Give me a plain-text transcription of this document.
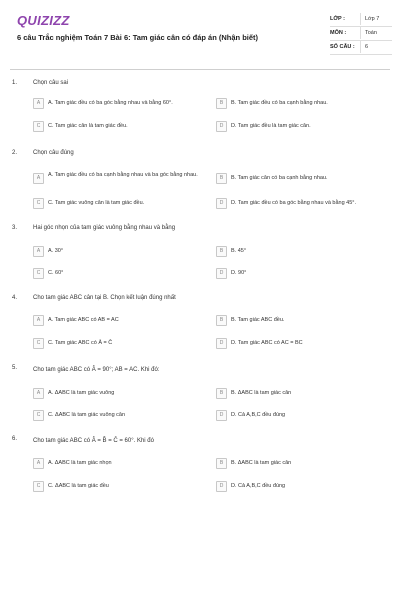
QUIZIZZ
6 câu Trắc nghiệm Toán 7 Bài 6: Tam giác cân có đáp án (Nhận biết)
LỚP :	Lớp 7
MÔN :	Toán
SỐ CÂU : 6
1.	Chọn câu sai
A	A. Tam giác đều có ba góc bằng nhau và bằng 60°.	B	B. Tam giác đều có ba cạnh bằng nhau.
C	C. Tam giác cân là tam giác đều.	D	D. Tam giác đều là tam giác cân.
2.	Chọn câu đúng
A
A. Tam giác đều có ba cạnh bằng nhau và ba góc bằng nhau.
B	B. Tam giác cân có ba cạnh bằng nhau.
C	C. Tam giác vuông cân là tam giác đều.	D	D. Tam giác đều có ba góc bằng nhau và bằng 45°.
3.	Hai góc nhọn của tam giác vuông bằng nhau và bằng
A	A. 30°	B	B. 45°
C	C. 60°	D	D. 90°
4.	Cho tam giác ABC cân tại B. Chọn kết luận đúng nhất
A	A. Tam giác ABC có AB = AC	B	B. Tam giác ABC đều.
C	C. Tam giác ABC có Â = Ĉ	D	D. Tam giác ABC có AC = BC
5.	Cho tam giác ABC có Â = 90°; AB = AC. Khi đó:
A	A. ΔABC là tam giác vuông	B	B. ΔABC là tam giác cân
C	C. ΔABC là tam giác vuông cân	D	D. Cả A,B,C đều đúng
6.	Cho tam giác ABC có Â = B̂ = Ĉ = 60°. Khi đó
A	A. ΔABC là tam giác nhọn	B	B. ΔABC là tam giác cân
C	C. ΔABC là tam giác đều	D	D. Cả A,B,C đều đúng
